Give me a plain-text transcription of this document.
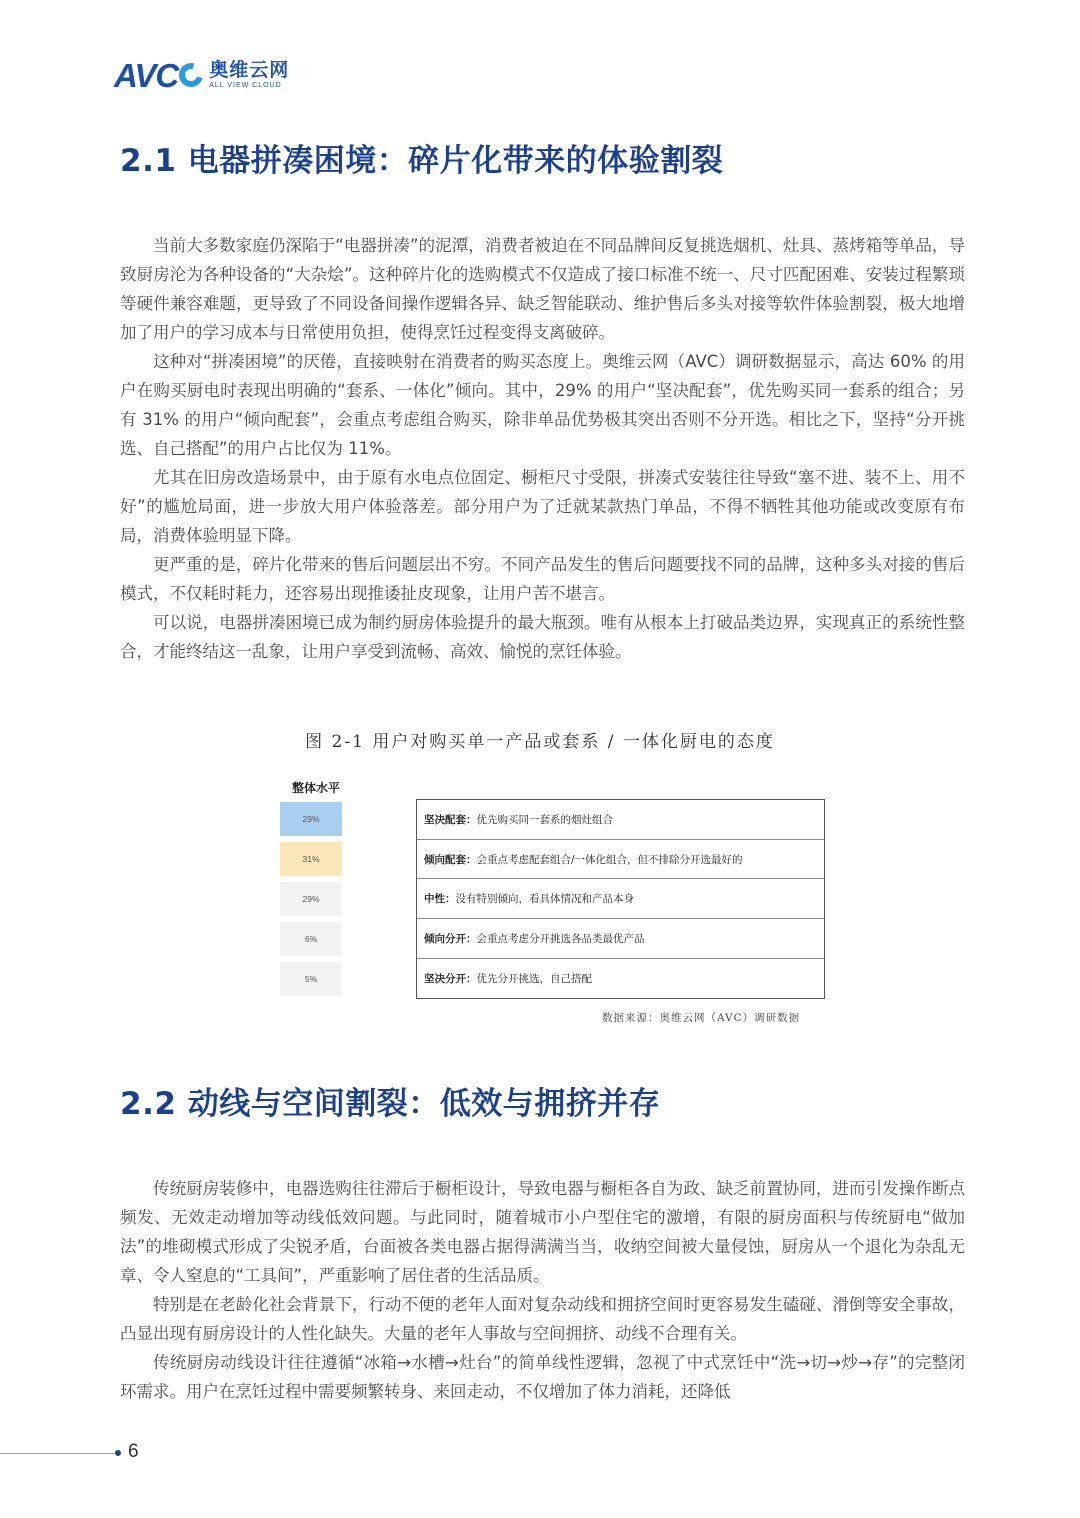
AVC 奥维云网
ALL VIEW CLOUD
2.1 电器拼凑困境：碎片化带来的体验割裂

当前大多数家庭仍深陷于“电器拼凑”的泥潭，消费者被迫在不同品牌间反复挑选烟机、灶具、蒸烤箱等单品，导致厨房沦为各种设备的“大杂烩”。这种碎片化的选购模式不仅造成了接口标准不统一、尺寸匹配困难、安装过程繁琐等硬件兼容难题，更导致了不同设备间操作逻辑各异、缺乏智能联动、维护售后多头对接等软件体验割裂，极大地增加了用户的学习成本与日常使用负担，使得烹饪过程变得支离破碎。

这种对“拼凑困境”的厌倦，直接映射在消费者的购买态度上。奥维云网（AVC）调研数据显示，高达 60% 的用户在购买厨电时表现出明确的“套系、一体化”倾向。其中，29% 的用户“坚决配套”，优先购买同一套系的组合；另有 31% 的用户“倾向配套”，会重点考虑组合购买，除非单品优势极其突出否则不分开选。相比之下，坚持“分开挑选、自己搭配”的用户占比仅为 11%。

尤其在旧房改造场景中，由于原有水电点位固定、橱柜尺寸受限，拼凑式安装往往导致“塞不进、装不上、用不好”的尴尬局面，进一步放大用户体验落差。部分用户为了迁就某款热门单品，不得不牺牲其他功能或改变原有布局，消费体验明显下降。

更严重的是，碎片化带来的售后问题层出不穷。不同产品发生的售后问题要找不同的品牌，这种多头对接的售后模式，不仅耗时耗力，还容易出现推诿扯皮现象，让用户苦不堪言。

可以说，电器拼凑困境已成为制约厨房体验提升的最大瓶颈。唯有从根本上打破品类边界，实现真正的系统性整合，才能终结这一乱象，让用户享受到流畅、高效、愉悦的烹饪体验。

图 2-1 用户对购买单一产品或套系 / 一体化厨电的态度
整体水平
29%
31%
29%
6%
5%
坚决配套： 优先购买同一套系的烟灶组合
倾向配套： 会重点考虑配套组合/一体化组合，但不排除分开选最好的
中性： 没有特别倾向，看具体情况和产品本身
倾向分开： 会重点考虑分开挑选各品类最优产品
坚决分开： 优先分开挑选，自己搭配
数据来源：奥维云网（AVC）调研数据
2.2 动线与空间割裂：低效与拥挤并存

传统厨房装修中，电器选购往往滞后于橱柜设计，导致电器与橱柜各自为政、缺乏前置协同，进而引发操作断点频发、无效走动增加等动线低效问题。与此同时，随着城市小户型住宅的激增，有限的厨房面积与传统厨电“做加法”的堆砌模式形成了尖锐矛盾，台面被各类电器占据得满满当当，收纳空间被大量侵蚀，厨房从一个退化为杂乱无章、令人窒息的“工具间”，严重影响了居住者的生活品质。

特别是在老龄化社会背景下，行动不便的老年人面对复杂动线和拥挤空间时更容易发生磕碰、滑倒等安全事故，凸显出现有厨房设计的人性化缺失。大量的老年人事故与空间拥挤、动线不合理有关。

传统厨房动线设计往往遵循“冰箱→水槽→灶台”的简单线性逻辑，忽视了中式烹饪中“洗→切→炒→存”的完整闭环需求。用户在烹饪过程中需要频繁转身、来回走动，不仅增加了体力消耗，还降低

6
